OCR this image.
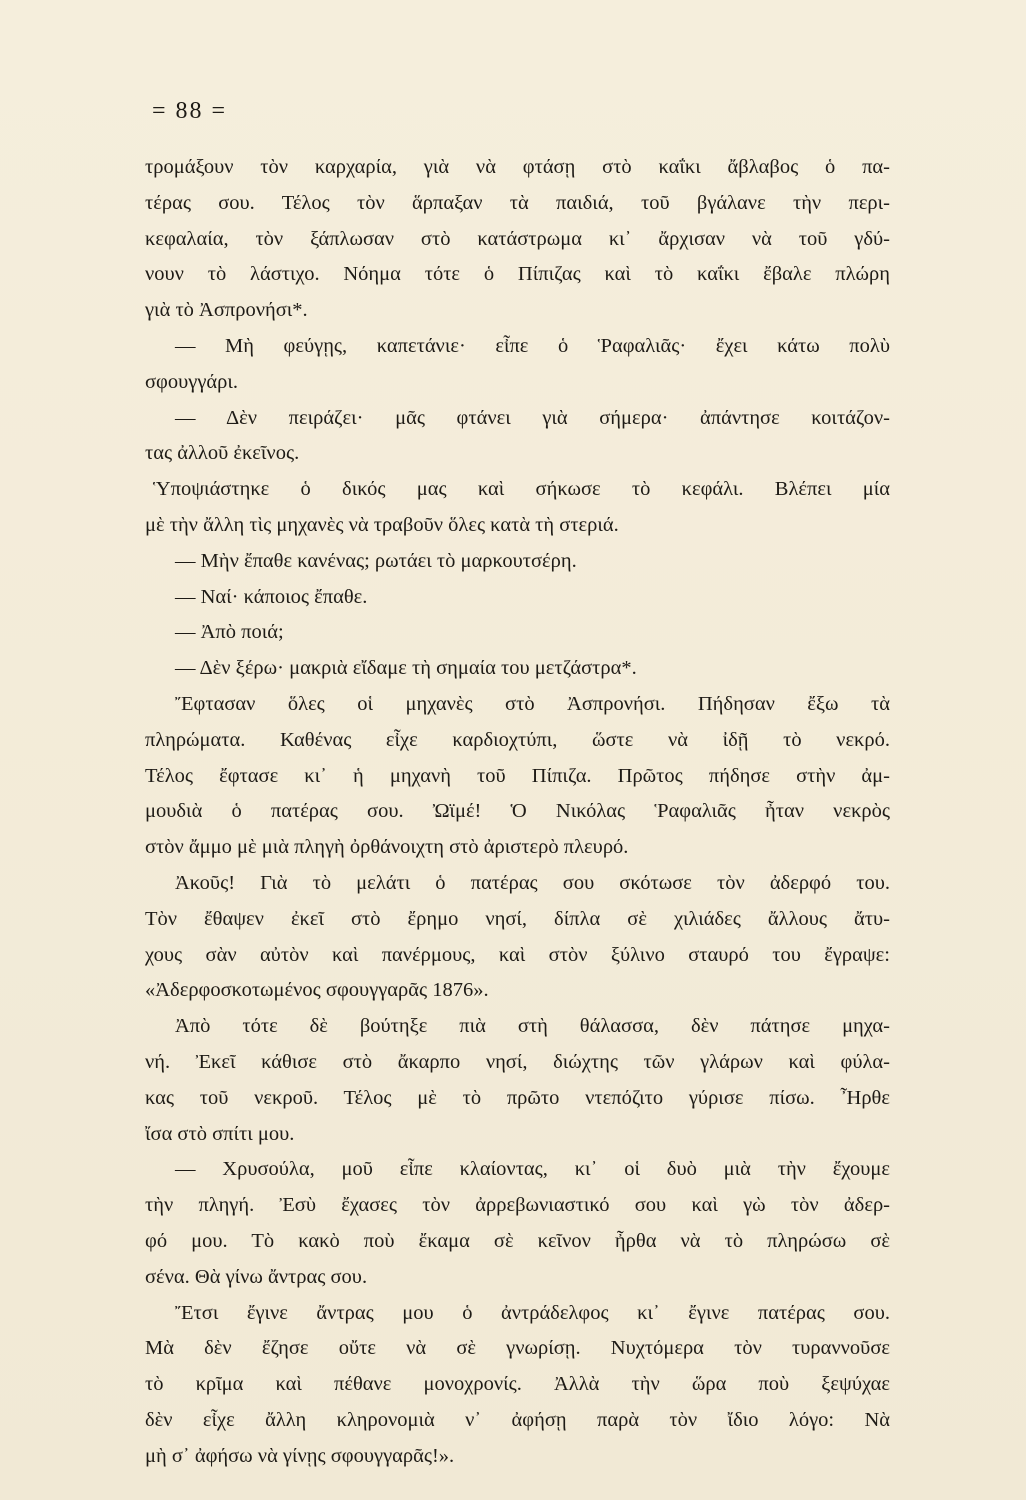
= 88 =
τρομάξουν τὸν καρχαρία, γιὰ νὰ φτάσῃ στὸ καΐκι ἄβλαβος ὁ πα-
τέρας σου. Τέλος τὸν ἅρπαξαν τὰ παιδιά, τοῦ βγάλανε τὴν περι-
κεφαλαία, τὸν ξάπλωσαν στὸ κατάστρωμα κι᾿ ἄρχισαν νὰ τοῦ γδύ-
νουν τὸ λάστιχο. Νόημα τότε ὁ Πίπιζας καὶ τὸ καΐκι ἔβαλε πλώρη
γιὰ τὸ Ἀσπρονήσι*.
— Μὴ φεύγῃς, καπετάνιε· εἶπε ὁ Ῥαφαλιᾶς· ἔχει κάτω πολὺ
σφουγγάρι.
— Δὲν πειράζει· μᾶς φτάνει γιὰ σήμερα· ἀπάντησε κοιτάζον-
τας ἀλλοῦ ἐκεῖνος.
Ὑποψιάστηκε ὁ δικός μας καὶ σήκωσε τὸ κεφάλι. Βλέπει μία
μὲ τὴν ἄλλη τὶς μηχανὲς νὰ τραβοῦν ὅλες κατὰ τὴ στεριά.
— Μὴν ἔπαθε κανένας; ρωτάει τὸ μαρκουτσέρη.
— Ναί· κάποιος ἔπαθε.
— Ἀπὸ ποιά;
— Δὲν ξέρω· μακριὰ εἴδαμε τὴ σημαία του μετζάστρα*.
Ἔφτασαν ὅλες οἱ μηχανὲς στὸ Ἀσπρονήσι. Πήδησαν ἔξω τὰ
πληρώματα. Καθένας εἶχε καρδιοχτύπι, ὥστε νὰ ἰδῇ τὸ νεκρό.
Τέλος ἔφτασε κι᾿ ἡ μηχανὴ τοῦ Πίπιζα. Πρῶτος πήδησε στὴν ἀμ-
μουδιὰ ὁ πατέρας σου. Ὠϊμέ! Ὁ Νικόλας Ῥαφαλιᾶς ἦταν νεκρὸς
στὸν ἄμμο μὲ μιὰ πληγὴ ὀρθάνοιχτη στὸ ἀριστερὸ πλευρό.
Ἀκοῦς! Γιὰ τὸ μελάτι ὁ πατέρας σου σκότωσε τὸν ἀδερφό του.
Τὸν ἔθαψεν ἐκεῖ στὸ ἔρημο νησί, δίπλα σὲ χιλιάδες ἄλλους ἄτυ-
χους σὰν αὐτὸν καὶ πανέρμους, καὶ στὸν ξύλινο σταυρό του ἔγραψε:
«Ἀδερφοσκοτωμένος σφουγγαρᾶς 1876».
Ἀπὸ τότε δὲ βούτηξε πιὰ στὴ θάλασσα, δὲν πάτησε μηχα-
νή. Ἐκεῖ κάθισε στὸ ἄκαρπο νησί, διώχτης τῶν γλάρων καὶ φύλα-
κας τοῦ νεκροῦ. Τέλος μὲ τὸ πρῶτο ντεπόζιτο γύρισε πίσω. Ἦρθε
ἴσα στὸ σπίτι μου.
— Χρυσούλα, μοῦ εἶπε κλαίοντας, κι᾿ οἱ δυὸ μιὰ τὴν ἔχουμε
τὴν πληγή. Ἐσὺ ἔχασες τὸν ἀρρεβωνιαστικό σου καὶ γὼ τὸν ἀδερ-
φό μου. Τὸ κακὸ ποὺ ἔκαμα σὲ κεῖνον ἦρθα νὰ τὸ πληρώσω σὲ
σένα. Θὰ γίνω ἄντρας σου.
Ἔτσι ἔγινε ἄντρας μου ὁ ἀντράδελφος κι᾿ ἔγινε πατέρας σου.
Μὰ δὲν ἔζησε οὔτε νὰ σὲ γνωρίσῃ. Νυχτόμερα τὸν τυραννοῦσε
τὸ κρῖμα καὶ πέθανε μονοχρονίς. Ἀλλὰ τὴν ὥρα ποὺ ξεψύχαε
δὲν εἶχε ἄλλη κληρονομιὰ ν᾿ ἀφήσῃ παρὰ τὸν ἴδιο λόγο: Νὰ
μὴ σ᾿ ἀφήσω νὰ γίνῃς σφουγγαρᾶς!».
